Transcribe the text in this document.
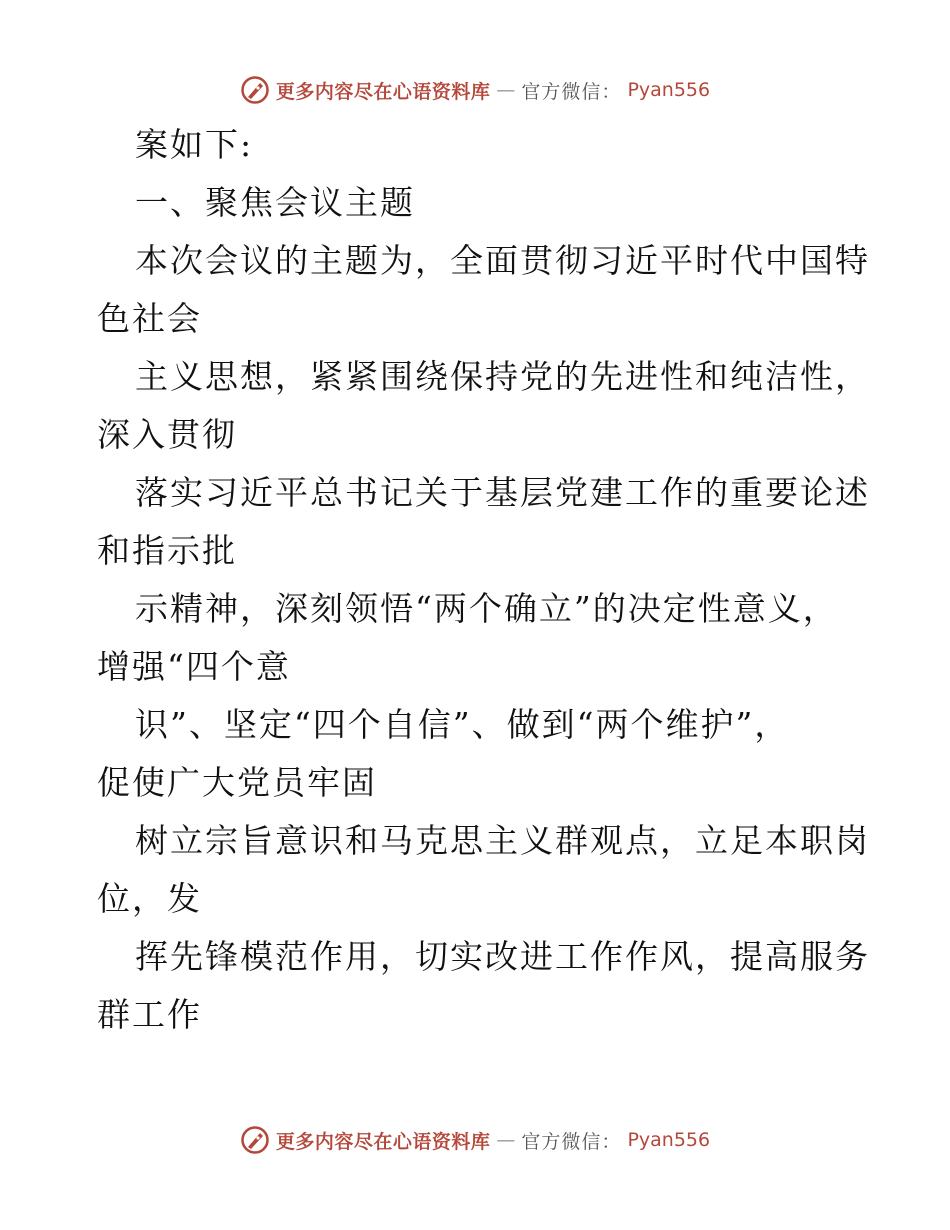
更多内容尽在心语资料库 — 官方微信： Pyan556
案如下:
一、聚焦会议主题
本次会议的主题为，全面贯彻习近平时代中国特
色社会
主义思想，紧紧围绕保持党的先进性和纯洁性，
深入贯彻
落实习近平总书记关于基层党建工作的重要论述
和指示批
示精神，深刻领悟“两个确立”的决定性意义，
增强“四个意
识”、坚定“四个自信”、做到“两个维护”，
促使广大党员牢固
树立宗旨意识和马克思主义群观点，立足本职岗
位，发
挥先锋模范作用，切实改进工作作风，提高服务
群工作
更多内容尽在心语资料库 — 官方微信： Pyan556
